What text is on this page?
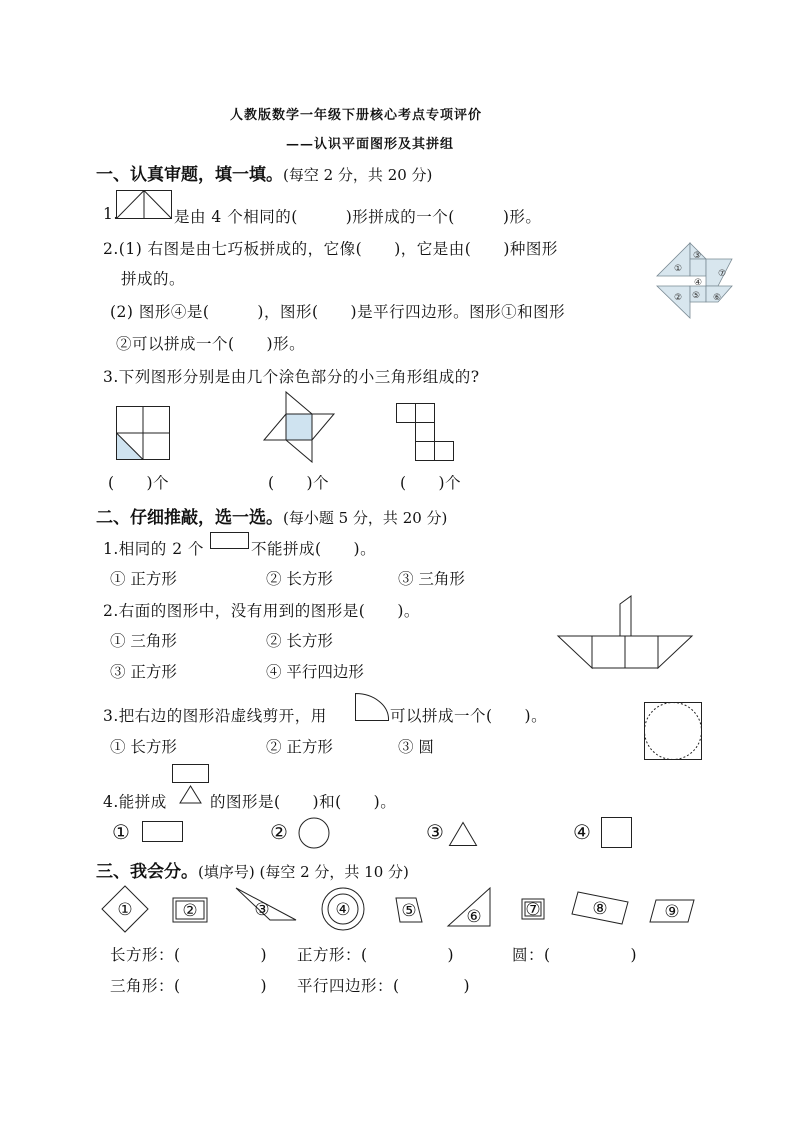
人教版数学一年级下册核心考点专项评价
——认识平面图形及其拼组
一、认真审题，填一填。(每空 2 分，共 20 分)
1.	是由 4 个相同的(　　　)形拼成的一个(　　　)形。
2.(1) 右图是由七巧板拼成的，它像(　　)，它是由(　　)种图形
拼成的。
(2) 图形④是(　　　)，图形(　　)是平行四边形。图形①和图形
②可以拼成一个(　　)形。
①
②
③
④
⑤ ⑥
⑦
3.下列图形分别是由几个涂色部分的小三角形组成的?
(　　)个	(　　)个	(　　)个
二、仔细推敲，选一选。(每小题 5 分，共 20 分)
1.相同的 2 个	不能拼成(　　)。
① 正方形	② 长方形	③ 三角形
2.右面的图形中，没有用到的图形是(　　)。
① 三角形	② 长方形
③ 正方形	④ 平行四边形
3.把右边的图形沿虚线剪开，用	可以拼成一个(　　)。
① 长方形	② 正方形	③ 圆
4.能拼成	的图形是(　　)和(　　)。
①	②	③	④
三、我会分。(填序号) (每空 2 分，共 10 分)
①	②	③	④	⑤	⑥	⑦	⑧	⑨
长方形：(　　　　　) 正方形：(　　　　　)	圆：(　　　　　)
三角形：(　　　　　) 平行四边形：(　　　　)
